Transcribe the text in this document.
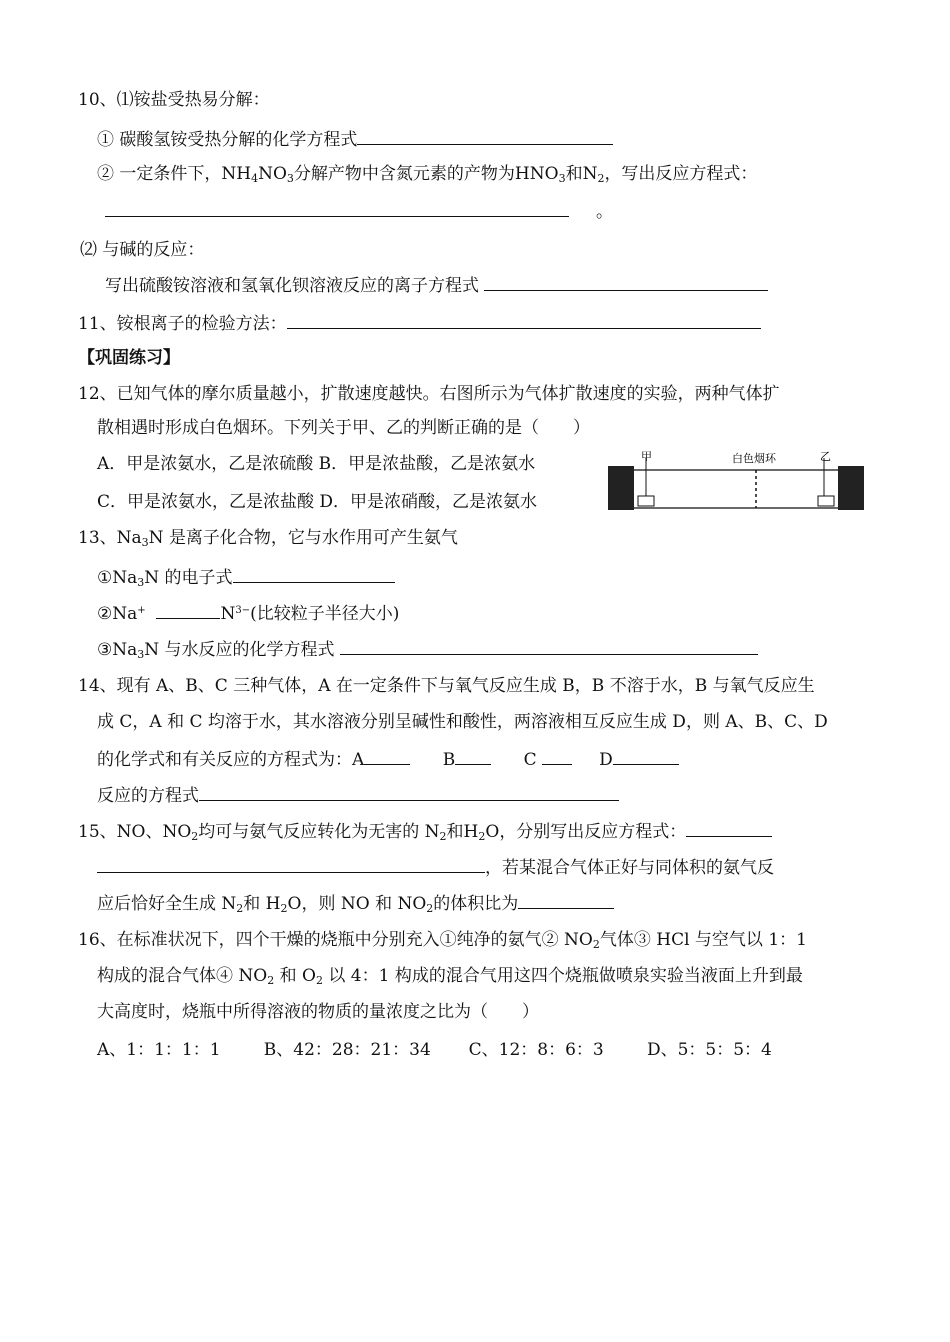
10、⑴铵盐受热易分解：
① 碳酸氢铵受热分解的化学方程式
② 一定条件下，$NH_4NO_3$分解产物中含氮元素的产物为$HNO_3$和$N_2$，写出反应方程式：
。
⑵ 与碱的反应：
写出硫酸铵溶液和氢氧化钡溶液反应的离子方程式
11、铵根离子的检验方法：
【巩固练习】
12、已知气体的摩尔质量越小，扩散速度越快。右图所示为气体扩散速度的实验，两种气体扩
散相遇时形成白色烟环。下列关于甲、乙的判断正确的是（　　）
A．甲是浓氨水，乙是浓硫酸 B．甲是浓盐酸，乙是浓氨水
C．甲是浓氨水，乙是浓盐酸 D．甲是浓硝酸，乙是浓氨水
甲	白色烟环	乙
13、$Na_3N$ 是离子化合物，它与水作用可产生氨气
$①Na_3N$ 的电子式
②Na+	$N^{3-}$(比较粒子半径大小)
$③Na_3N$ 与水反应的化学方程式
14、现有 A、B、C 三种气体，A 在一定条件下与氧气反应生成 B，B 不溶于水，B 与氧气反应生
成 C，A 和 C 均溶于水，其水溶液分别呈碱性和酸性，两溶液相互反应生成 D，则 A、B、C、D
的化学式和有关反应的方程式为：A	B	C	D
反应的方程式
15、NO、$NO_2$均可与氨气反应转化为无害的 $N_2$和$H_2O$，分别写出反应方程式：
，若某混合气体正好与同体积的氨气反
应后恰好全生成 $N_2$和 $H_2O$，则 NO 和 $NO_2$的体积比为
16、在标准状况下，四个干燥的烧瓶中分别充入①纯净的氨气② $NO_2$气体③ HCl 与空气以 1：1
构成的混合气体④ $NO_2$ 和 $O_2$ 以 4：1 构成的混合气用这四个烧瓶做喷泉实验当液面上升到最
大高度时，烧瓶中所得溶液的物质的量浓度之比为（　　）
A、1：1：1：1	B、42：28：21：34 C、12：8：6：3	D、5：5：5：4
